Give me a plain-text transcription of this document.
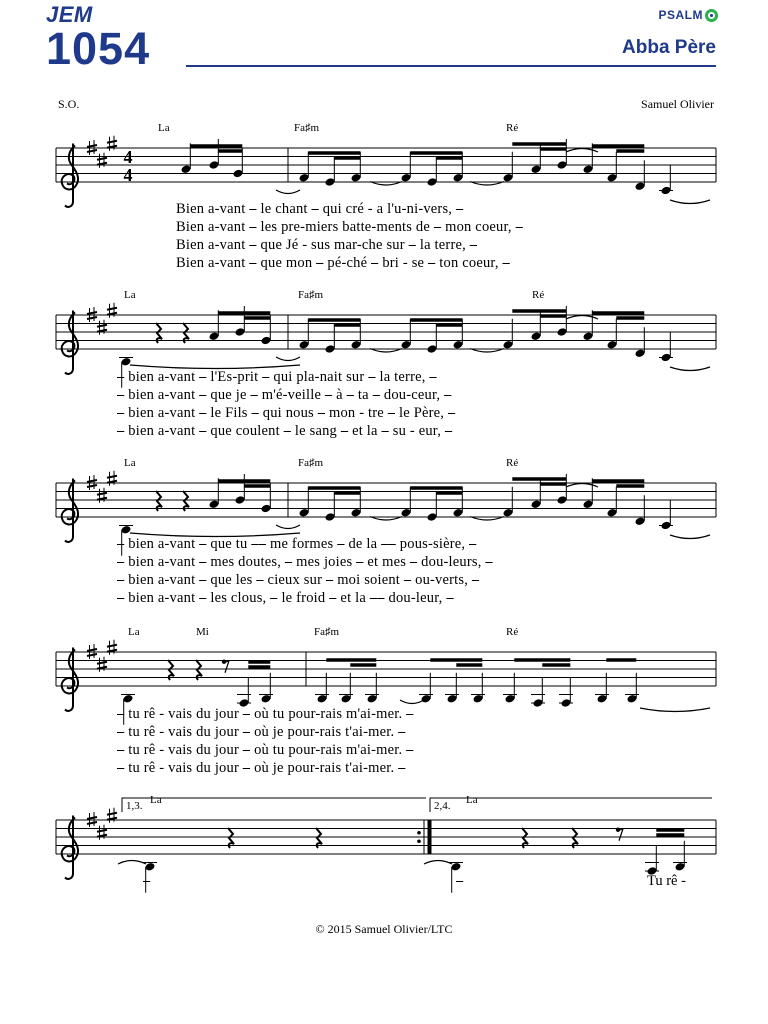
JEM
1054	Abba Père
PSALM
S.O.	Samuel Olivier
4
4
La	Fa♯m	Ré
La	Fa♯m	Ré
La	Fa♯m	Ré
La	Mi	Fa♯m	Ré
La	La
1,3.	2,4.
Bien a-vant ⎯ le chant ⎯ qui cré - a l'u-ni-vers, ⎯
Bien a-vant ⎯ les pre-miers batte-ments de ⎯ mon coeur, ⎯
Bien a-vant ⎯ que Jé - sus mar-che sur ⎯ la terre, ⎯
Bien a-vant ⎯ que mon ⎯ pé-ché ⎯ bri - se ⎯ ton coeur, ⎯
⎯ bien a-vant ⎯ l'Es-prit ⎯ qui pla-nait sur ⎯ la terre, ⎯
⎯ bien a-vant ⎯ que je ⎯ m'é-veille ⎯ à ⎯ ta ⎯ dou-ceur, ⎯
⎯ bien a-vant ⎯ le Fils ⎯ qui nous ⎯ mon - tre ⎯ le Père, ⎯
⎯ bien a-vant ⎯ que coulent ⎯ le sang ⎯ et la ⎯ su - eur, ⎯
⎯ bien a-vant ⎯ que tu ⎯⎯ me formes ⎯ de la ⎯⎯ pous-sière, ⎯
⎯ bien a-vant ⎯ mes doutes, ⎯ mes joies ⎯ et mes ⎯ dou-leurs, ⎯
⎯ bien a-vant ⎯ que les ⎯ cieux sur ⎯ moi soient ⎯ ou-verts, ⎯
⎯ bien a-vant ⎯ les clous, ⎯ le froid ⎯ et la ⎯⎯ dou-leur, ⎯
⎯ tu rê - vais du jour ⎯ où tu pour-rais m'ai-mer. ⎯
⎯ tu rê - vais du jour ⎯ où je pour-rais t'ai-mer. ⎯
⎯ tu rê - vais du jour ⎯ où tu pour-rais m'ai-mer. ⎯
⎯ tu rê - vais du jour ⎯ où je pour-rais t'ai-mer. ⎯
⎯	⎯	Tu rê -
© 2015 Samuel Olivier/LTC
